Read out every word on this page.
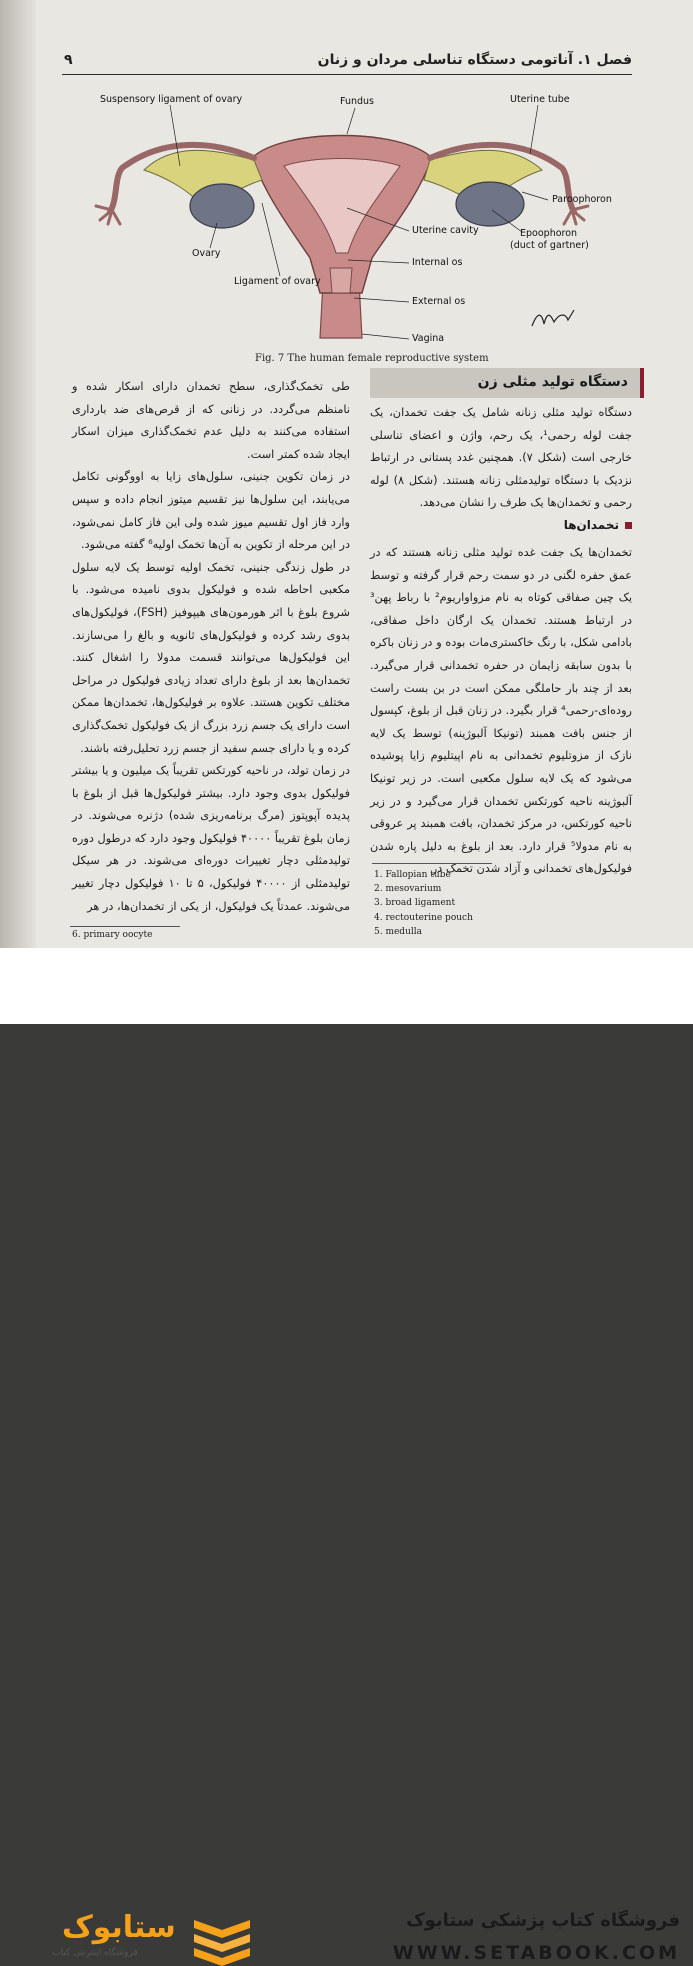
فصل ۱. آناتومی دستگاه تناسلی مردان و زنان
۹
Suspensory ligament of ovary	Fundus	Uterine tube
Paroophoron
Epoophoron
(duct of gartner)
Uterine cavity
Internal os
External os
Vagina
Ovary
Ligament of ovary
Fig. 7 The human female reproductive system
دستگاه تولید مثلی زن

دستگاه تولید مثلی زنانه شامل یک جفت تخمدان، یک جفت لوله رحمی¹، یک رحم، واژن و اعضای تناسلی خارجی است (شکل ۷). همچنین غدد پستانی در ارتباط نزدیک با دستگاه تولیدمثلی زنانه هستند. (شکل ۸) لوله رحمی و تخمدان‌ها یک طرف را نشان می‌دهد.

تخمدان‌ها

تخمدان‌ها یک جفت غده تولید مثلی زنانه هستند که در عمق حفره لگنی در دو سمت رحم قرار گرفته و توسط یک چین صفاقی کوتاه به نام مزواواریوم² با رباط پهن³ در ارتباط هستند. تخمدان یک ارگان داخل صفاقی، بادامی شکل، با رنگ خاکستری‌مات بوده و در زنان باکره با بدون سابقه زایمان در حفره تخمدانی قرار می‌گیرد. بعد از چند بار حاملگی ممکن است در بن بست راست روده‌ای-رحمی⁴ قرار بگیرد. در زنان قبل از بلوغ، کپسول از جنس بافت همبند (تونیکا آلبوژینه) توسط یک لایه نازک از مزوتلیوم تخمدانی به نام اپیتلیوم زایا پوشیده می‌شود که یک لایه سلول مکعبی است. در زیر تونیکا آلبوژینه ناحیه کورتکس تخمدان قرار می‌گیرد و در زیر ناحیه کورتکس، در مرکز تخمدان، بافت همبند پر عروقی به نام مدولا⁵ قرار دارد. بعد از بلوغ به دلیل پاره شدن فولیکول‌های تخمدانی و آزاد شدن تخمک در

طی تخمک‌گذاری، سطح تخمدان دارای اسکار شده و نامنظم می‌گردد. در زنانی که از قرص‌های ضد بارداری استفاده می‌کنند به دلیل عدم تخمک‌گذاری میزان اسکار ایجاد شده کمتر است.

در زمان تکوین جنینی، سلول‌های زایا به اووگونی تکامل می‌یابند، این سلول‌ها نیز تقسیم میتوز انجام داده و سپس وارد فاز اول تقسیم میوز شده ولی این فاز کامل نمی‌شود، در این مرحله از تکوین به آن‌ها تخمک اولیه⁶ گفته می‌شود.

در طول زندگی جنینی، تخمک اولیه توسط یک لایه سلول مکعبی احاطه شده و فولیکول بدوی نامیده می‌شود. با شروع بلوغ با اثر هورمون‌های هیپوفیز (FSH)، فولیکول‌های بدوی رشد کرده و فولیکول‌های ثانویه و بالغ را می‌سازند. این فولیکول‌ها می‌توانند قسمت مدولا را اشغال کنند. تخمدان‌ها بعد از بلوغ دارای تعداد زیادی فولیکول در مراحل مختلف تکوین هستند. علاوه بر فولیکول‌ها، تخمدان‌ها ممکن است دارای یک جسم زرد بزرگ از یک فولیکول تخمک‌گذاری کرده و یا دارای جسم سفید از جسم زرد تحلیل‌رفته باشند.

در زمان تولد، در ناحیه کورتکس تقریباً یک میلیون و یا بیشتر فولیکول بدوی وجود دارد. بیشتر فولیکول‌ها قبل از بلوغ با پدیده آپوپتوز (مرگ برنامه‌ریزی شده) دژنره می‌شوند. در زمان بلوغ تقریباً ۴۰۰۰۰ فولیکول وجود دارد که درطول دوره تولیدمثلی دچار تغییرات دوره‌ای می‌شوند. در هر سیکل تولیدمثلی از ۴۰۰۰۰ فولیکول، ۵ تا ۱۰ فولیکول دچار تغییر می‌شوند. عمدتاً یک فولیکول، از یکی از تخمدان‌ها، در هر

1. Fallopian tube
2. mesovarium
3. broad ligament
4. rectouterine pouch
5. medulla
6. primary oocyte
ستابوک
فروشگاه اینترنتی کتاب
فروشگاه کتاب پزشکی ستابوک
WWW.SETABOOK.COM
